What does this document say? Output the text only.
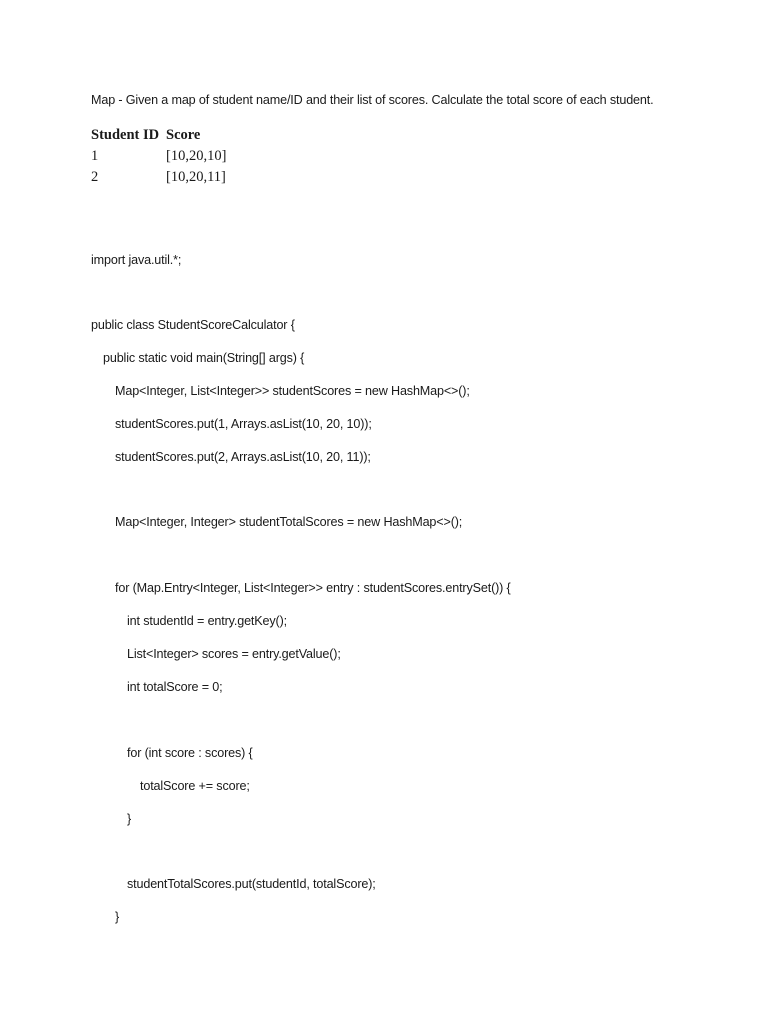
Map - Given a map of student name/ID and their list of scores. Calculate the total score of each student.
Student ID	Score
1	[10,20,10]
2	[10,20,11]
import java.util.*;
public class StudentScoreCalculator {
public static void main(String[] args) {
Map<Integer, List<Integer>> studentScores = new HashMap<>();
studentScores.put(1, Arrays.asList(10, 20, 10));
studentScores.put(2, Arrays.asList(10, 20, 11));
Map<Integer, Integer> studentTotalScores = new HashMap<>();
for (Map.Entry<Integer, List<Integer>> entry : studentScores.entrySet()) {
int studentId = entry.getKey();
List<Integer> scores = entry.getValue();
int totalScore = 0;
for (int score : scores) {
totalScore += score;
}
studentTotalScores.put(studentId, totalScore);
}
